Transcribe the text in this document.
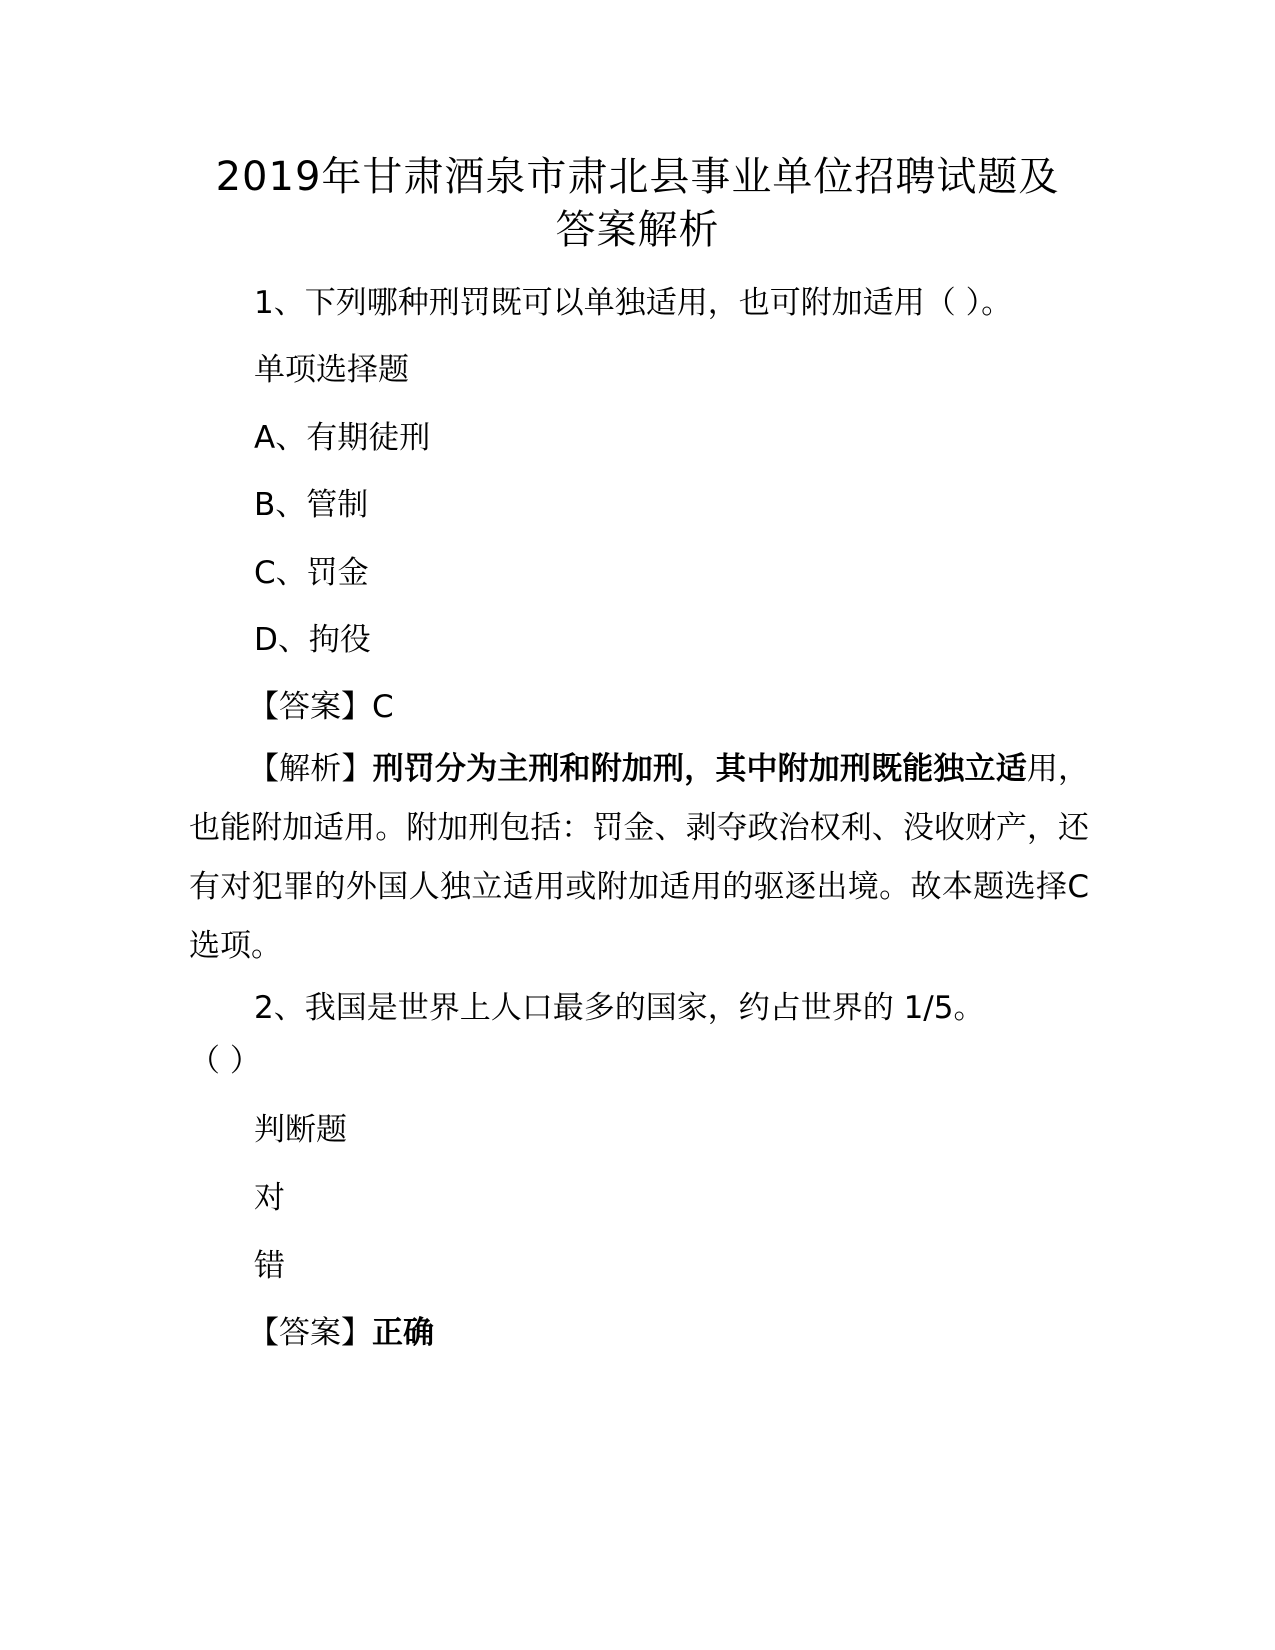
2019年甘肃酒泉市肃北县事业单位招聘试题及
答案解析
1、下列哪种刑罚既可以单独适用，也可附加适用（ ）。
单项选择题
A、有期徒刑
B、管制
C、罚金
D、拘役
【答案】C
【解析】刑罚分为主刑和附加刑，其中附加刑既能独立适用，也能附加适用。附加刑包括：罚金、剥夺政治权利、没收财产，还有对犯罪的外国人独立适用或附加适用的驱逐出境。故本题选择C选项。
2、我国是世界上人口最多的国家，约占世界的 1/5。
（ ）
判断题
对
错
【答案】正确
